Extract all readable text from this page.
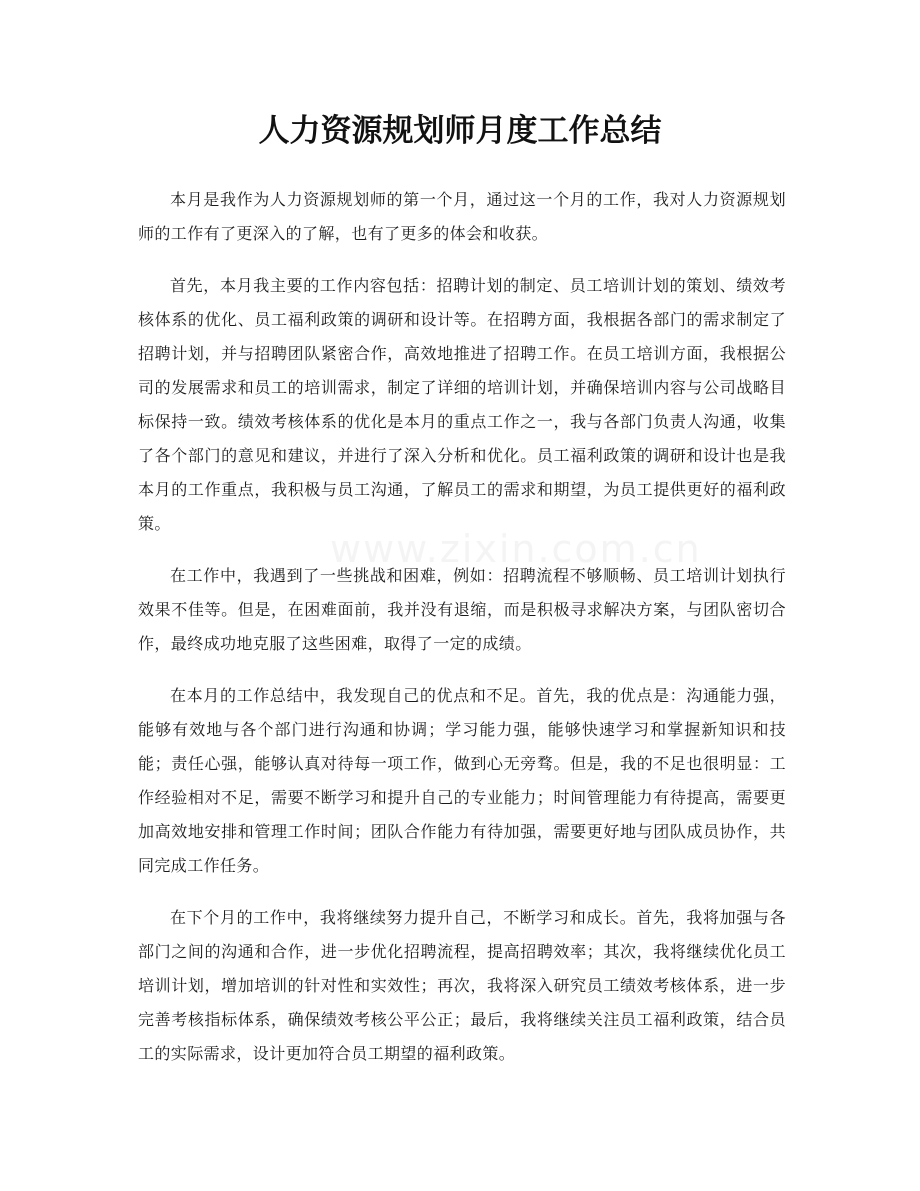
人力资源规划师月度工作总结

本月是我作为人力资源规划师的第一个月，通过这一个月的工作，我对人力资源规划师的工作有了更深入的了解，也有了更多的体会和收获。

首先，本月我主要的工作内容包括：招聘计划的制定、员工培训计划的策划、绩效考核体系的优化、员工福利政策的调研和设计等。在招聘方面，我根据各部门的需求制定了招聘计划，并与招聘团队紧密合作，高效地推进了招聘工作。在员工培训方面，我根据公司的发展需求和员工的培训需求，制定了详细的培训计划，并确保培训内容与公司战略目标保持一致。绩效考核体系的优化是本月的重点工作之一，我与各部门负责人沟通，收集了各个部门的意见和建议，并进行了深入分析和优化。员工福利政策的调研和设计也是我本月的工作重点，我积极与员工沟通，了解员工的需求和期望，为员工提供更好的福利政策。

在工作中，我遇到了一些挑战和困难，例如：招聘流程不够顺畅、员工培训计划执行效果不佳等。但是，在困难面前，我并没有退缩，而是积极寻求解决方案，与团队密切合作，最终成功地克服了这些困难，取得了一定的成绩。

在本月的工作总结中，我发现自己的优点和不足。首先，我的优点是：沟通能力强，能够有效地与各个部门进行沟通和协调；学习能力强，能够快速学习和掌握新知识和技能；责任心强，能够认真对待每一项工作，做到心无旁骛。但是，我的不足也很明显：工作经验相对不足，需要不断学习和提升自己的专业能力；时间管理能力有待提高，需要更加高效地安排和管理工作时间；团队合作能力有待加强，需要更好地与团队成员协作，共同完成工作任务。

在下个月的工作中，我将继续努力提升自己，不断学习和成长。首先，我将加强与各部门之间的沟通和合作，进一步优化招聘流程，提高招聘效率；其次，我将继续优化员工培训计划，增加培训的针对性和实效性；再次，我将深入研究员工绩效考核体系，进一步完善考核指标体系，确保绩效考核公平公正；最后，我将继续关注员工福利政策，结合员工的实际需求，设计更加符合员工期望的福利政策。

www.zixin.com.cn
